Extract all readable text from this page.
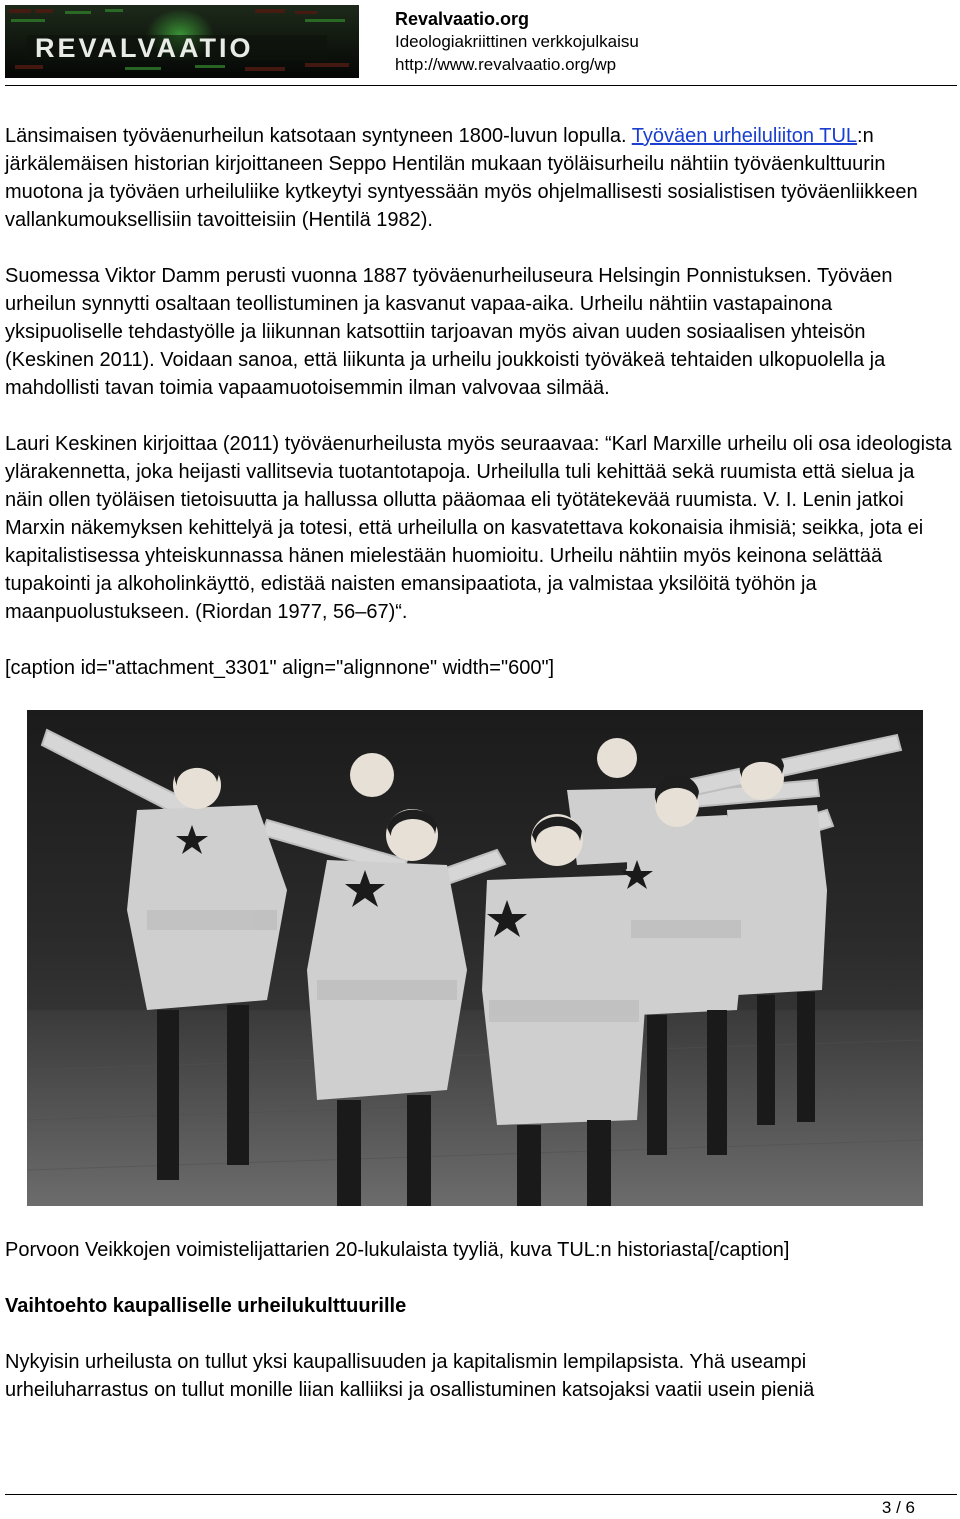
REVALVAATIO
Revalvaatio.org
Ideologiakriittinen verkkojulkaisu
http://www.revalvaatio.org/wp

Länsimaisen työväenurheilun katsotaan syntyneen 1800-luvun lopulla. Työväen urheiluliiton TUL:n järkälemäisen historian kirjoittaneen Seppo Hentilän mukaan työläisurheilu nähtiin työväenkulttuurin muotona ja työväen urheiluliike kytkeytyi syntyessään myös ohjelmallisesti sosialistisen työväenliikkeen vallankumouksellisiin tavoitteisiin (Hentilä 1982).

Suomessa Viktor Damm perusti vuonna 1887 työväenurheiluseura Helsingin Ponnistuksen. Työväen urheilun synnytti osaltaan teollistuminen ja kasvanut vapaa-aika. Urheilu nähtiin vastapainona yksipuoliselle tehdastyölle ja liikunnan katsottiin tarjoavan myös aivan uuden sosiaalisen yhteisön (Keskinen 2011). Voidaan sanoa, että liikunta ja urheilu joukkoisti työväkeä tehtaiden ulkopuolella ja mahdollisti tavan toimia vapaamuotoisemmin ilman valvovaa silmää.

Lauri Keskinen kirjoittaa (2011) työväenurheilusta myös seuraavaa: “Karl Marxille urheilu oli osa ideologista ylärakennetta, joka heijasti vallitsevia tuotantotapoja. Urheilulla tuli kehittää sekä ruumista että sielua ja näin ollen työläisen tietoisuutta ja hallussa ollutta pääomaa eli työtätekevää ruumista. V. I. Lenin jatkoi Marxin näkemyksen kehittelyä ja totesi, että urheilulla on kasvatettava kokonaisia ihmisiä; seikka, jota ei kapitalistisessa yhteiskunnassa hänen mielestään huomioitu. Urheilu nähtiin myös keinona selättää tupakointi ja alkoholinkäyttö, edistää naisten emansipaatiota, ja valmistaa yksilöitä työhön ja maanpuolustukseen. (Riordan 1977, 56–67)“.

[caption id="attachment_3301" align="alignnone" width="600"]

Porvoon Veikkojen voimistelijattarien 20-lukulaista tyyliä, kuva TUL:n historiasta[/caption]

Vaihtoehto kaupalliselle urheilukulttuurille

Nykyisin urheilusta on tullut yksi kaupallisuuden ja kapitalismin lempilapsista. Yhä useampi urheiluharrastus on tullut monille liian kalliiksi ja osallistuminen katsojaksi vaatii usein pieniä

3 / 6
